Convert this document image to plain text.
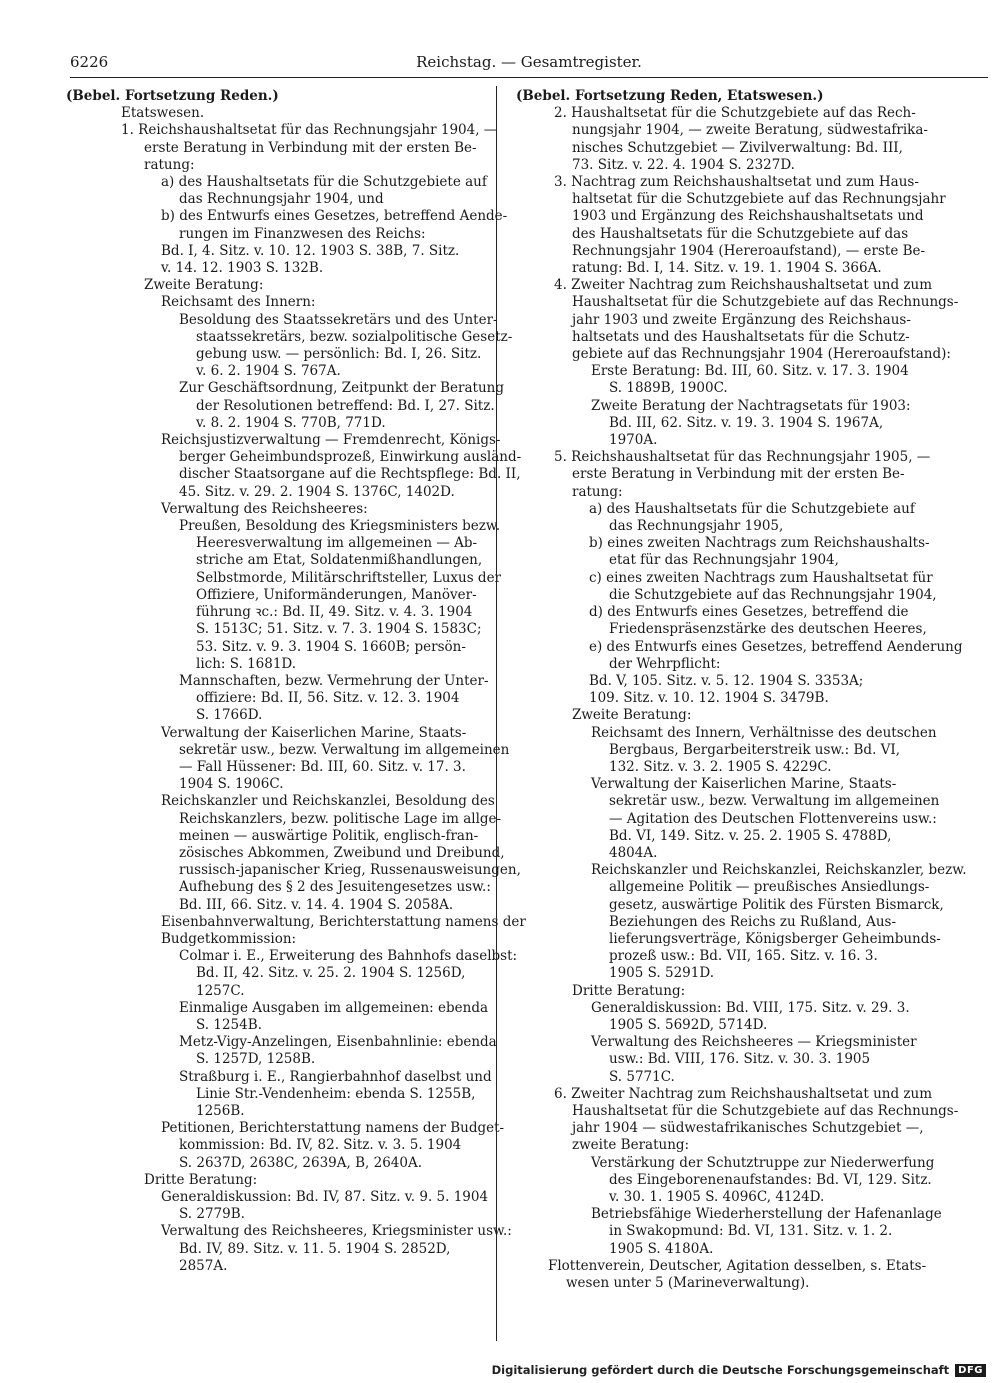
6226	Reichstag. — Gesamtregister.
(Bebel. Fortsetzung Reden.)
Etatswesen.
1. Reichshaushaltsetat für das Rechnungsjahr 1904, —
erste Beratung in Verbindung mit der ersten Be-
ratung:
a) des Haushaltsetats für die Schutzgebiete auf
das Rechnungsjahr 1904, und
b) des Entwurfs eines Gesetzes, betreffend Aende-
rungen im Finanzwesen des Reichs:
Bd. I, 4. Sitz. v. 10. 12. 1903 S. 38B, 7. Sitz.
v. 14. 12. 1903 S. 132B.
Zweite Beratung:
Reichsamt des Innern:
Besoldung des Staatssekretärs und des Unter-
staatssekretärs, bezw. sozialpolitische Gesetz-
gebung usw. — persönlich: Bd. I, 26. Sitz.
v. 6. 2. 1904 S. 767A.
Zur Geschäftsordnung, Zeitpunkt der Beratung
der Resolutionen betreffend: Bd. I, 27. Sitz.
v. 8. 2. 1904 S. 770B, 771D.
Reichsjustizverwaltung — Fremdenrecht, Königs-
berger Geheimbundsprozeß, Einwirkung ausländ-
discher Staatsorgane auf die Rechtspflege: Bd. II,
45. Sitz. v. 29. 2. 1904 S. 1376C, 1402D.
Verwaltung des Reichsheeres:
Preußen, Besoldung des Kriegsministers bezw.
Heeresverwaltung im allgemeinen — Ab-
striche am Etat, Soldatenmißhandlungen,
Selbstmorde, Militärschriftsteller, Luxus der
Offiziere, Uniformänderungen, Manöver-
führung ꝛc.: Bd. II, 49. Sitz. v. 4. 3. 1904
S. 1513C; 51. Sitz. v. 7. 3. 1904 S. 1583C;
53. Sitz. v. 9. 3. 1904 S. 1660B; persön-
lich: S. 1681D.
Mannschaften, bezw. Vermehrung der Unter-
offiziere: Bd. II, 56. Sitz. v. 12. 3. 1904
S. 1766D.
Verwaltung der Kaiserlichen Marine, Staats-
sekretär usw., bezw. Verwaltung im allgemeinen
— Fall Hüssener: Bd. III, 60. Sitz. v. 17. 3.
1904 S. 1906C.
Reichskanzler und Reichskanzlei, Besoldung des
Reichskanzlers, bezw. politische Lage im allge-
meinen — auswärtige Politik, englisch-fran-
zösisches Abkommen, Zweibund und Dreibund,
russisch-japanischer Krieg, Russenausweisungen,
Aufhebung des § 2 des Jesuitengesetzes usw.:
Bd. III, 66. Sitz. v. 14. 4. 1904 S. 2058A.
Eisenbahnverwaltung, Berichterstattung namens der
Budgetkommission:
Colmar i. E., Erweiterung des Bahnhofs daselbst:
Bd. II, 42. Sitz. v. 25. 2. 1904 S. 1256D,
1257C.
Einmalige Ausgaben im allgemeinen: ebenda
S. 1254B.
Metz-Vigy-Anzelingen, Eisenbahnlinie: ebenda
S. 1257D, 1258B.
Straßburg i. E., Rangierbahnhof daselbst und
Linie Str.-Vendenheim: ebenda S. 1255B,
1256B.
Petitionen, Berichterstattung namens der Budget-
kommission: Bd. IV, 82. Sitz. v. 3. 5. 1904
S. 2637D, 2638C, 2639A, B, 2640A.
Dritte Beratung:
Generaldiskussion: Bd. IV, 87. Sitz. v. 9. 5. 1904
S. 2779B.
Verwaltung des Reichsheeres, Kriegsminister usw.:
Bd. IV, 89. Sitz. v. 11. 5. 1904 S. 2852D,
2857A.
(Bebel. Fortsetzung Reden, Etatswesen.)
2. Haushaltsetat für die Schutzgebiete auf das Rech-
nungsjahr 1904, — zweite Beratung, südwestafrika-
nisches Schutzgebiet — Zivilverwaltung: Bd. III,
73. Sitz. v. 22. 4. 1904 S. 2327D.
3. Nachtrag zum Reichshaushaltsetat und zum Haus-
haltsetat für die Schutzgebiete auf das Rechnungsjahr
1903 und Ergänzung des Reichshaushaltsetats und
des Haushaltsetats für die Schutzgebiete auf das
Rechnungsjahr 1904 (Hereroaufstand), — erste Be-
ratung: Bd. I, 14. Sitz. v. 19. 1. 1904 S. 366A.
4. Zweiter Nachtrag zum Reichshaushaltsetat und zum
Haushaltsetat für die Schutzgebiete auf das Rechnungs-
jahr 1903 und zweite Ergänzung des Reichshaus-
haltsetats und des Haushaltsetats für die Schutz-
gebiete auf das Rechnungsjahr 1904 (Hereroaufstand):
Erste Beratung: Bd. III, 60. Sitz. v. 17. 3. 1904
S. 1889B, 1900C.
Zweite Beratung der Nachtragsetats für 1903:
Bd. III, 62. Sitz. v. 19. 3. 1904 S. 1967A,
1970A.
5. Reichshaushaltsetat für das Rechnungsjahr 1905, —
erste Beratung in Verbindung mit der ersten Be-
ratung:
a) des Haushaltsetats für die Schutzgebiete auf
das Rechnungsjahr 1905,
b) eines zweiten Nachtrags zum Reichshaushalts-
etat für das Rechnungsjahr 1904,
c) eines zweiten Nachtrags zum Haushaltsetat für
die Schutzgebiete auf das Rechnungsjahr 1904,
d) des Entwurfs eines Gesetzes, betreffend die
Friedenspräsenzstärke des deutschen Heeres,
e) des Entwurfs eines Gesetzes, betreffend Aenderung
der Wehrpflicht:
Bd. V, 105. Sitz. v. 5. 12. 1904 S. 3353A;
109. Sitz. v. 10. 12. 1904 S. 3479B.
Zweite Beratung:
Reichsamt des Innern, Verhältnisse des deutschen
Bergbaus, Bergarbeiterstreik usw.: Bd. VI,
132. Sitz. v. 3. 2. 1905 S. 4229C.
Verwaltung der Kaiserlichen Marine, Staats-
sekretär usw., bezw. Verwaltung im allgemeinen
— Agitation des Deutschen Flottenvereins usw.:
Bd. VI, 149. Sitz. v. 25. 2. 1905 S. 4788D,
4804A.
Reichskanzler und Reichskanzlei, Reichskanzler, bezw.
allgemeine Politik — preußisches Ansiedlungs-
gesetz, auswärtige Politik des Fürsten Bismarck,
Beziehungen des Reichs zu Rußland, Aus-
lieferungsverträge, Königsberger Geheimbunds-
prozeß usw.: Bd. VII, 165. Sitz. v. 16. 3.
1905 S. 5291D.
Dritte Beratung:
Generaldiskussion: Bd. VIII, 175. Sitz. v. 29. 3.
1905 S. 5692D, 5714D.
Verwaltung des Reichsheeres — Kriegsminister
usw.: Bd. VIII, 176. Sitz. v. 30. 3. 1905
S. 5771C.
6. Zweiter Nachtrag zum Reichshaushaltsetat und zum
Haushaltsetat für die Schutzgebiete auf das Rechnungs-
jahr 1904 — südwestafrikanisches Schutzgebiet —,
zweite Beratung:
Verstärkung der Schutztruppe zur Niederwerfung
des Eingeborenenaufstandes: Bd. VI, 129. Sitz.
v. 30. 1. 1905 S. 4096C, 4124D.
Betriebsfähige Wiederherstellung der Hafenanlage
in Swakopmund: Bd. VI, 131. Sitz. v. 1. 2.
1905 S. 4180A.
Flottenverein, Deutscher, Agitation desselben, s. Etats-
wesen unter 5 (Marineverwaltung).
Digitalisierung gefördert durch die Deutsche Forschungsgemeinschaft DFG
